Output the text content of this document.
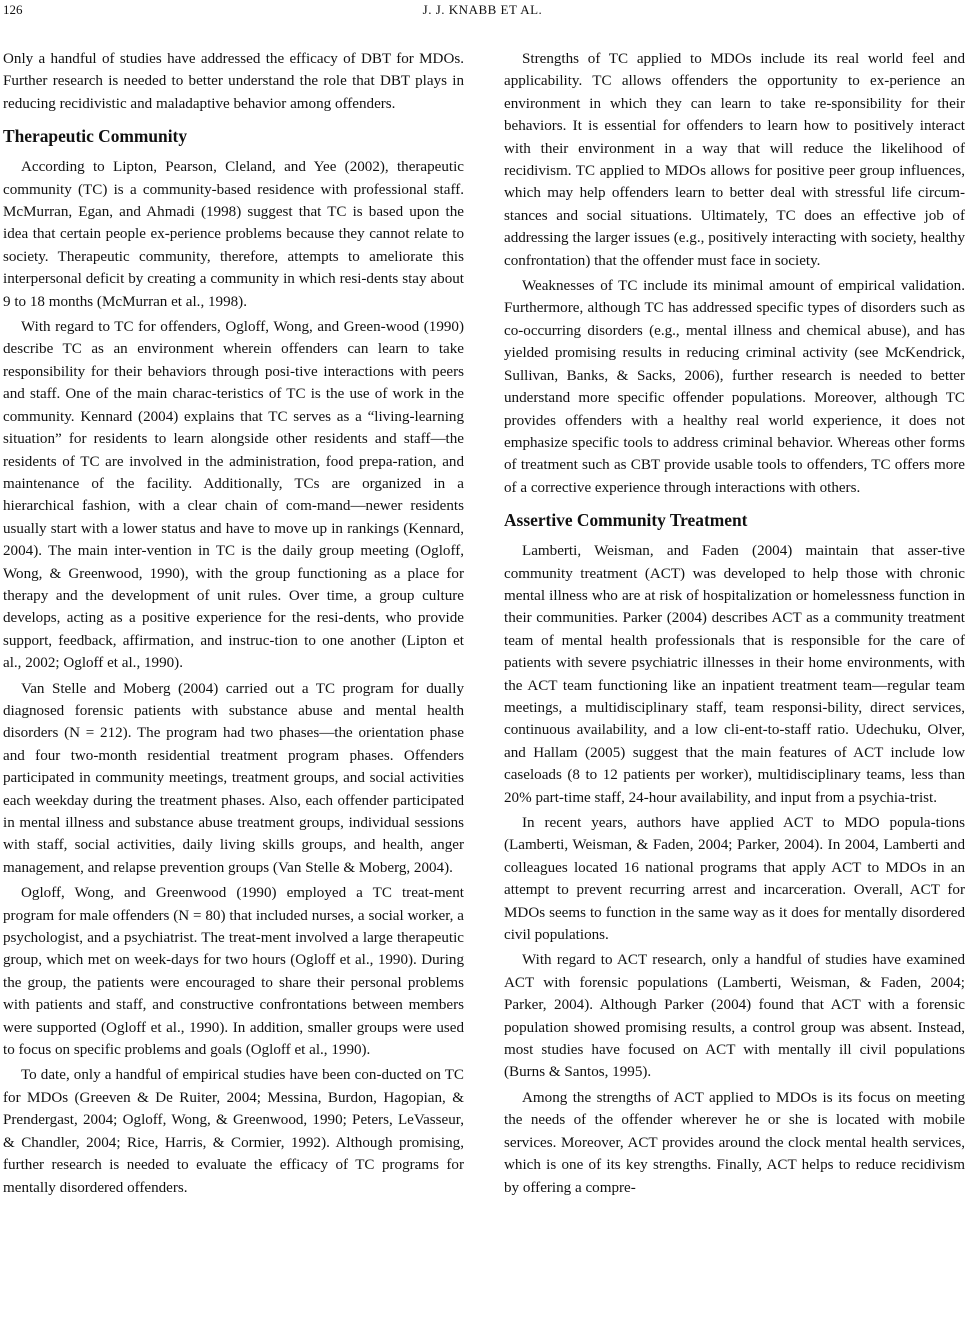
126	J. J. KNABB ET AL.

Only a handful of studies have addressed the efficacy of DBT for MDOs. Further research is needed to better understand the role that DBT plays in reducing recidivistic and maladaptive behavior among offenders.

Therapeutic Community

According to Lipton, Pearson, Cleland, and Yee (2002), therapeutic community (TC) is a community-based residence with professional staff. McMurran, Egan, and Ahmadi (1998) suggest that TC is based upon the idea that certain people ex-perience problems because they cannot relate to society. Therapeutic community, therefore, attempts to ameliorate this interpersonal deficit by creating a community in which resi-dents stay about 9 to 18 months (McMurran et al., 1998).

With regard to TC for offenders, Ogloff, Wong, and Green-wood (1990) describe TC as an environment wherein offenders can learn to take responsibility for their behaviors through posi-tive interactions with peers and staff. One of the main charac-teristics of TC is the use of work in the community. Kennard (2004) explains that TC serves as a “living-learning situation” for residents to learn alongside other residents and staff—the residents of TC are involved in the administration, food prepa-ration, and maintenance of the facility. Additionally, TCs are organized in a hierarchical fashion, with a clear chain of com-mand—newer residents usually start with a lower status and have to move up in rankings (Kennard, 2004). The main inter-vention in TC is the daily group meeting (Ogloff, Wong, & Greenwood, 1990), with the group functioning as a place for therapy and the development of unit rules. Over time, a group culture develops, acting as a positive experience for the resi-dents, who provide support, feedback, affirmation, and instruc-tion to one another (Lipton et al., 2002; Ogloff et al., 1990).

Van Stelle and Moberg (2004) carried out a TC program for dually diagnosed forensic patients with substance abuse and mental health disorders (N = 212). The program had two phases—the orientation phase and four two-month residential treatment program phases. Offenders participated in community meetings, treatment groups, and social activities each weekday during the treatment phases. Also, each offender participated in mental illness and substance abuse treatment groups, individual sessions with staff, social activities, daily living skills groups, and health, anger management, and relapse prevention groups (Van Stelle & Moberg, 2004).

Ogloff, Wong, and Greenwood (1990) employed a TC treat-ment program for male offenders (N = 80) that included nurses, a social worker, a psychologist, and a psychiatrist. The treat-ment involved a large therapeutic group, which met on week-days for two hours (Ogloff et al., 1990). During the group, the patients were encouraged to share their personal problems with patients and staff, and constructive confrontations between members were supported (Ogloff et al., 1990). In addition, smaller groups were used to focus on specific problems and goals (Ogloff et al., 1990).

To date, only a handful of empirical studies have been con-ducted on TC for MDOs (Greeven & De Ruiter, 2004; Messina, Burdon, Hagopian, & Prendergast, 2004; Ogloff, Wong, & Greenwood, 1990; Peters, LeVasseur, & Chandler, 2004; Rice, Harris, & Cormier, 1992). Although promising, further research is needed to evaluate the efficacy of TC programs for mentally disordered offenders.

Strengths of TC applied to MDOs include its real world feel and applicability. TC allows offenders the opportunity to ex-perience an environment in which they can learn to take re-sponsibility for their behaviors. It is essential for offenders to learn how to positively interact with their environment in a way that will reduce the likelihood of recidivism. TC applied to MDOs allows for positive peer group influences, which may help offenders learn to better deal with stressful life circum-stances and social situations. Ultimately, TC does an effective job of addressing the larger issues (e.g., positively interacting with society, healthy confrontation) that the offender must face in society.

Weaknesses of TC include its minimal amount of empirical validation. Furthermore, although TC has addressed specific types of disorders such as co-occurring disorders (e.g., mental illness and chemical abuse), and has yielded promising results in reducing criminal activity (see McKendrick, Sullivan, Banks, & Sacks, 2006), further research is needed to better understand more specific offender populations. Moreover, although TC provides offenders with a healthy real world experience, it does not emphasize specific tools to address criminal behavior. Whereas other forms of treatment such as CBT provide usable tools to offenders, TC offers more of a corrective experience through interactions with others.

Assertive Community Treatment

Lamberti, Weisman, and Faden (2004) maintain that asser-tive community treatment (ACT) was developed to help those with chronic mental illness who are at risk of hospitalization or homelessness function in their communities. Parker (2004) describes ACT as a community treatment team of mental health professionals that is responsible for the care of patients with severe psychiatric illnesses in their home environments, with the ACT team functioning like an inpatient treatment team—regular team meetings, a multidisciplinary staff, team responsi-bility, direct services, continuous availability, and a low cli-ent-to-staff ratio. Udechuku, Olver, and Hallam (2005) suggest that the main features of ACT include low caseloads (8 to 12 patients per worker), multidisciplinary teams, less than 20% part-time staff, 24-hour availability, and input from a psychia-trist.

In recent years, authors have applied ACT to MDO popula-tions (Lamberti, Weisman, & Faden, 2004; Parker, 2004). In 2004, Lamberti and colleagues located 16 national programs that apply ACT to MDOs in an attempt to prevent recurring arrest and incarceration. Overall, ACT for MDOs seems to function in the same way as it does for mentally disordered civil populations.

With regard to ACT research, only a handful of studies have examined ACT with forensic populations (Lamberti, Weisman, & Faden, 2004; Parker, 2004). Although Parker (2004) found that ACT with a forensic population showed promising results, a control group was absent. Instead, most studies have focused on ACT with mentally ill civil populations (Burns & Santos, 1995).

Among the strengths of ACT applied to MDOs is its focus on meeting the needs of the offender wherever he or she is located with mobile services. Moreover, ACT provides around the clock mental health services, which is one of its key strengths. Finally, ACT helps to reduce recidivism by offering a compre-
